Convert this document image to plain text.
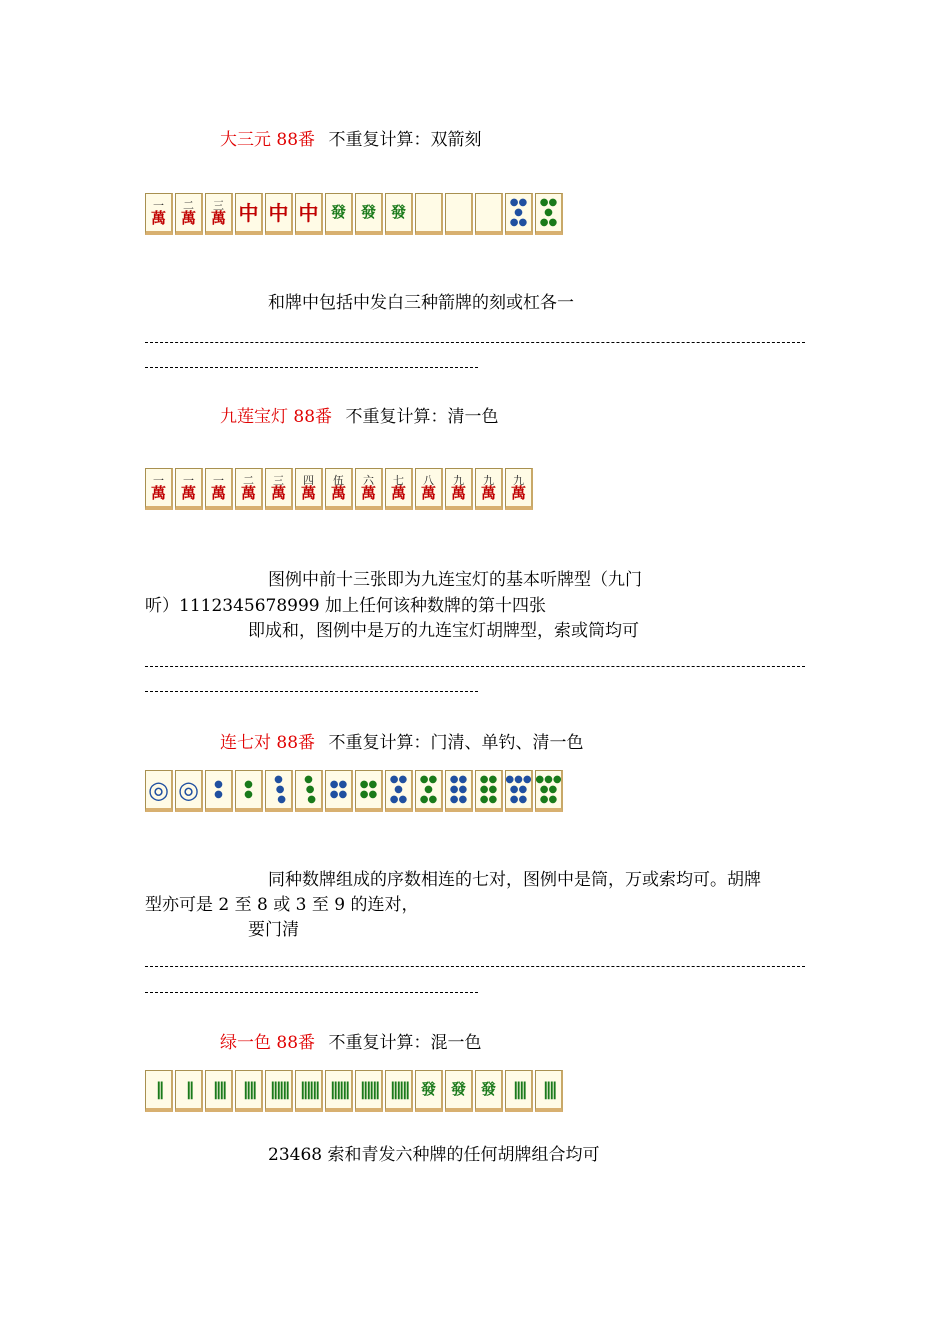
大三元 88番 不重复计算：双箭刻
一
萬
二
萬
三
萬 中 中 中 發 發 發
●●
●
●●
●●
●
●●
和牌中包括中发白三种箭牌的刻或杠各一
九莲宝灯 88番 不重复计算：清一色
一
萬
一
萬
一
萬
二
萬
三
萬
四
萬
伍
萬
六
萬
七
萬
八
萬
九
萬
九
萬
九
萬
图例中前十三张即为九连宝灯的基本听牌型（九门
听）1112345678999 加上任何该种数牌的第十四张
即成和，图例中是万的九连宝灯胡牌型，索或筒均可
连七对 88番 不重复计算：门清、单钓、清一色
◎ ◎ ●
●
●
●
●
●
●
●
●
●
●●
●●
●●
●●
●●
●
●●
●●
●
●●
●●
●●
●●
●●
●●
●●
●●●
●●
●●
●●●
●●
●●
同种数牌组成的序数相连的七对，图例中是筒，万或索均可。胡牌
型亦可是 2 至 8 或 3 至 9 的连对，
要门清
绿一色 88番 不重复计算：混一色
‖ ‖ ‖‖ ‖‖ ‖‖‖ ‖‖‖ ‖‖‖ ‖‖‖ ‖‖‖ 發 發 發 ‖‖ ‖‖
23468 索和青发六种牌的任何胡牌组合均可
